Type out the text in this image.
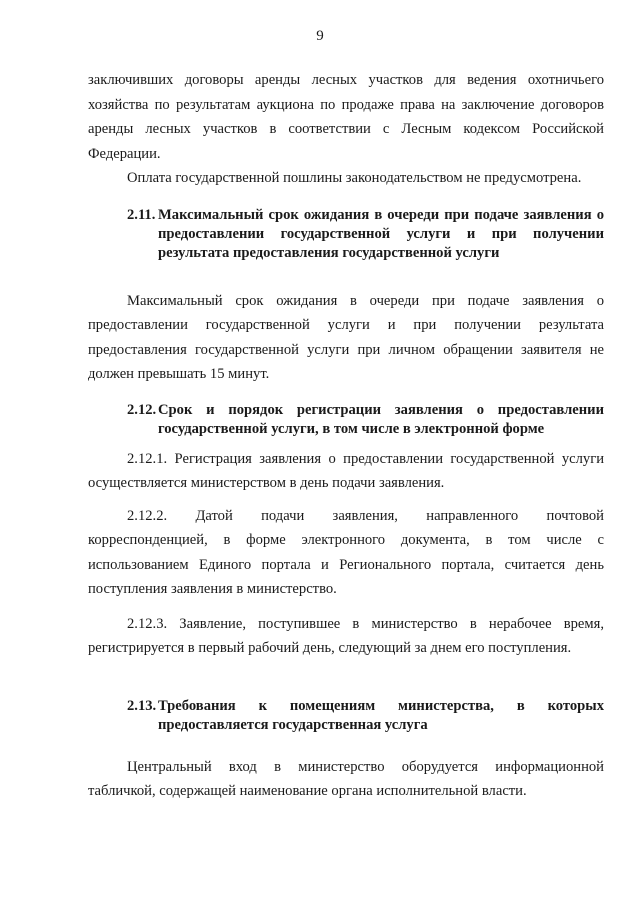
9

заключивших договоры аренды лесных участков для ведения охотничьего хозяйства по результатам аукциона по продаже права на заключение договоров аренды лесных участков в соответствии с Лесным кодексом Российской Федерации.

Оплата государственной пошлины законодательством не предусмотрена.

2.11. Максимальный срок ожидания в очереди при подаче заявления о предоставлении государственной услуги и при получении результата предоставления государственной услуги

Максимальный срок ожидания в очереди при подаче заявления о предоставлении государственной услуги и при получении результата предоставления государственной услуги при личном обращении заявителя не должен превышать 15 минут.

2.12. Срок и порядок регистрации заявления о предоставлении государственной услуги, в том числе в электронной форме

2.12.1. Регистрация заявления о предоставлении государственной услуги осуществляется министерством в день подачи заявления.

2.12.2. Датой подачи заявления, направленного почтовой корреспонденцией, в форме электронного документа, в том числе с использованием Единого портала и Регионального портала, считается день поступления заявления в министерство.

2.12.3. Заявление, поступившее в министерство в нерабочее время, регистрируется в первый рабочий день, следующий за днем его поступления.

2.13. Требования к помещениям министерства, в которых предоставляется государственная услуга

Центральный вход в министерство оборудуется информационной табличкой, содержащей наименование органа исполнительной власти.
